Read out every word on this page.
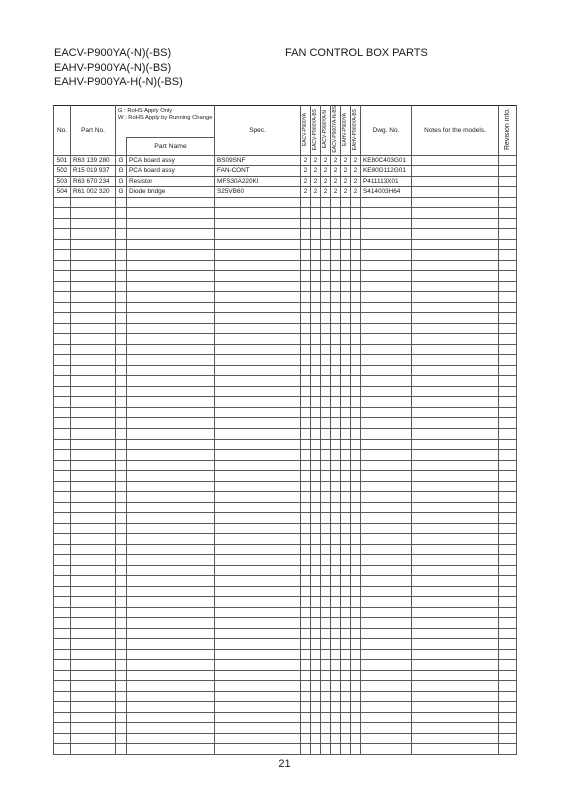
EACV-P900YA(-N)(-BS)
EAHV-P900YA(-N)(-BS)
EAHV-P900YA-H(-N)(-BS)
FAN CONTROL BOX PARTS
No.	Part No.	G : RoHS Apply Only
W : RoHS Apply by Running Change		Spec.	EACV-P900YA	EACV-P900YA-BS	EACV-P900YA-N	EACV-P900YA-N-BS	EAHV-P900YA	EAHV-P900YA-BS	Dwg. No.	Notes for the models.	Revision info.
			Part Name										
501	R63 139 280	G	PCA board assy	BS09SNF	2	2	2	2	2	2	KE80C403G01		
502	R15 019 937	G	PCA board assy	FAN-CONT	2	2	2	2	2	2	KE80G112G01		
503	R63 670 234	G	Resistor	MFS30A220KI	2	2	2	2	2	2	P411113X01		
504	R61 002 320	G	Diode bridge	S25VB60	2	2	2	2	2	2	S414003H64		

21
